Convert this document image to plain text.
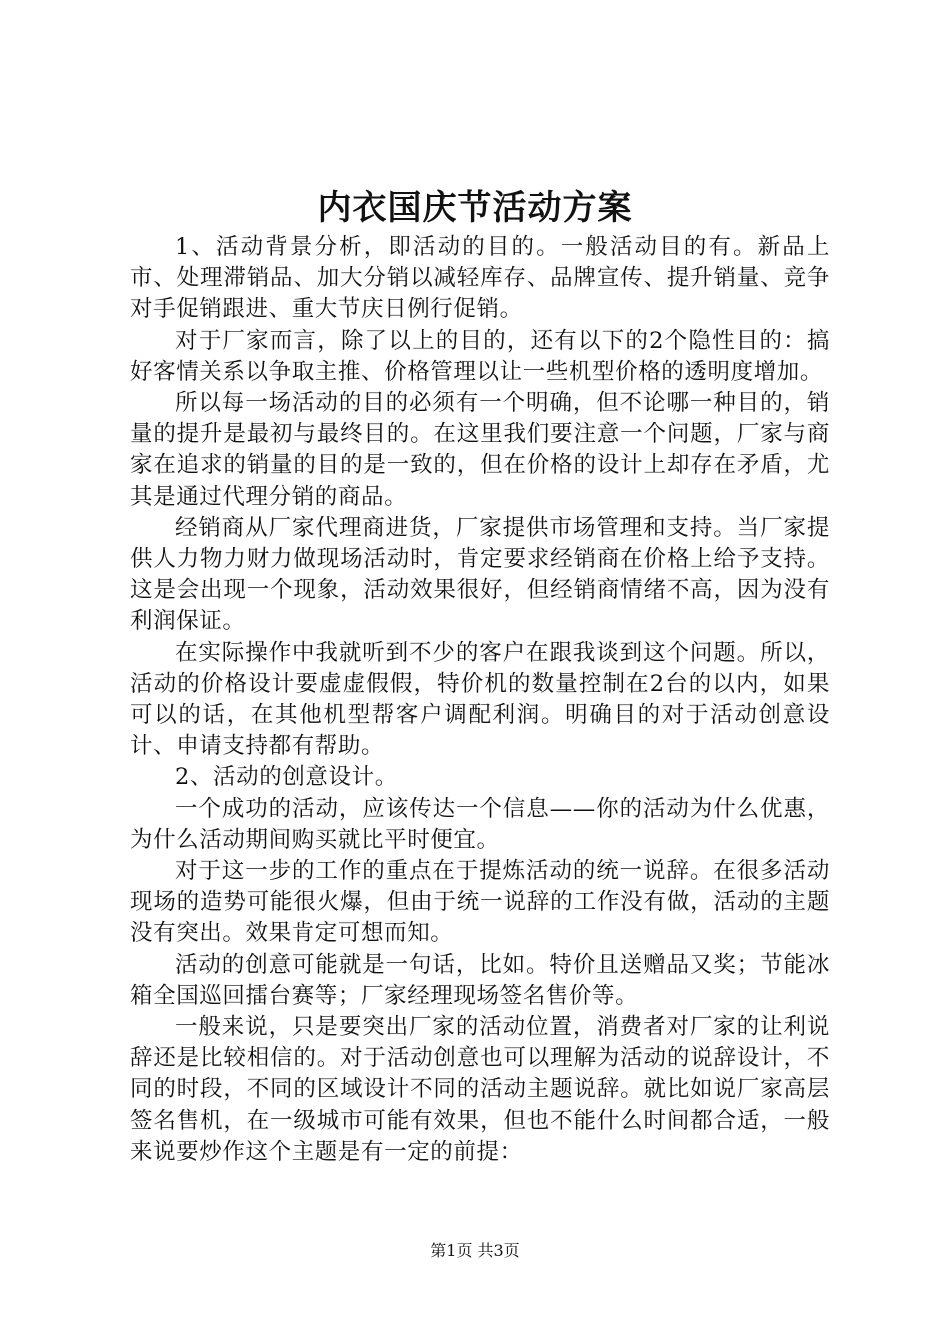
内衣国庆节活动方案

1、活动背景分析，即活动的目的。一般活动目的有。新品上市、处理滞销品、加大分销以减轻库存、品牌宣传、提升销量、竞争对手促销跟进、重大节庆日例行促销。

对于厂家而言，除了以上的目的，还有以下的2个隐性目的：搞好客情关系以争取主推、价格管理以让一些机型价格的透明度增加。

所以每一场活动的目的必须有一个明确，但不论哪一种目的，销量的提升是最初与最终目的。在这里我们要注意一个问题，厂家与商家在追求的销量的目的是一致的，但在价格的设计上却存在矛盾，尤其是通过代理分销的商品。

经销商从厂家代理商进货，厂家提供市场管理和支持。当厂家提供人力物力财力做现场活动时，肯定要求经销商在价格上给予支持。这是会出现一个现象，活动效果很好，但经销商情绪不高，因为没有利润保证。

在实际操作中我就听到不少的客户在跟我谈到这个问题。所以，活动的价格设计要虚虚假假，特价机的数量控制在2台的以内，如果可以的话，在其他机型帮客户调配利润。明确目的对于活动创意设计、申请支持都有帮助。

2、活动的创意设计。

一个成功的活动，应该传达一个信息——你的活动为什么优惠，为什么活动期间购买就比平时便宜。

对于这一步的工作的重点在于提炼活动的统一说辞。在很多活动现场的造势可能很火爆，但由于统一说辞的工作没有做，活动的主题没有突出。效果肯定可想而知。

活动的创意可能就是一句话，比如。特价且送赠品又奖；节能冰箱全国巡回擂台赛等；厂家经理现场签名售价等。

一般来说，只是要突出厂家的活动位置，消费者对厂家的让利说辞还是比较相信的。对于活动创意也可以理解为活动的说辞设计，不同的时段，不同的区域设计不同的活动主题说辞。就比如说厂家高层签名售机，在一级城市可能有效果，但也不能什么时间都合适，一般来说要炒作这个主题是有一定的前提：

第1页 共3页
